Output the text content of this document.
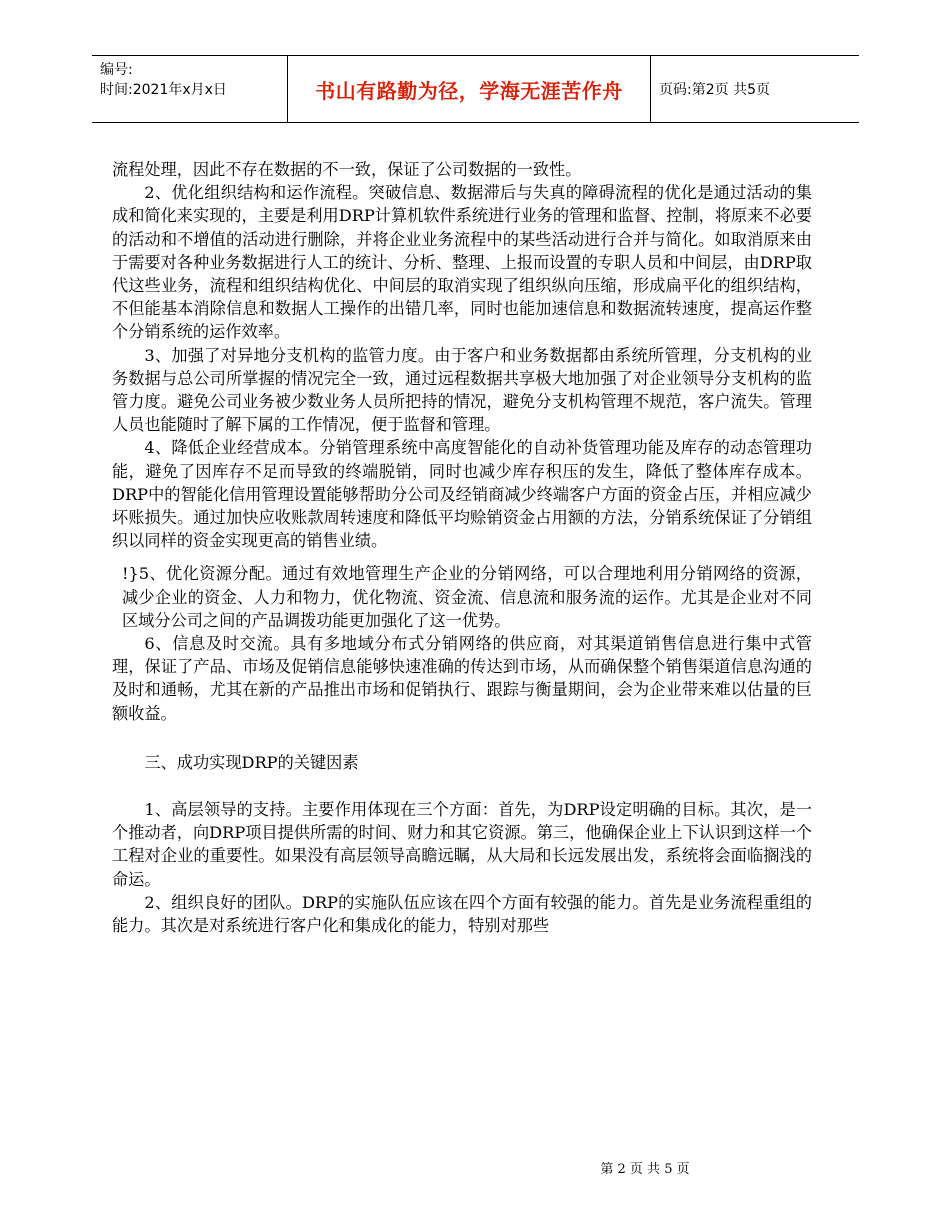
编号:
时间:2021年x月x日	书山有路勤为径，学海无涯苦作舟	页码:第2页 共5页

流程处理，因此不存在数据的不一致，保证了公司数据的一致性。

2、优化组织结构和运作流程。突破信息、数据滞后与失真的障碍流程的优化是通过活动的集成和简化来实现的，主要是利用DRP计算机软件系统进行业务的管理和监督、控制，将原来不必要的活动和不增值的活动进行删除，并将企业业务流程中的某些活动进行合并与简化。如取消原来由于需要对各种业务数据进行人工的统计、分析、整理、上报而设置的专职人员和中间层，由DRP取代这些业务，流程和组织结构优化、中间层的取消实现了组织纵向压缩，形成扁平化的组织结构，不但能基本消除信息和数据人工操作的出错几率，同时也能加速信息和数据流转速度，提高运作整个分销系统的运作效率。

3、加强了对异地分支机构的监管力度。由于客户和业务数据都由系统所管理，分支机构的业务数据与总公司所掌握的情况完全一致，通过远程数据共享极大地加强了对企业领导分支机构的监管力度。避免公司业务被少数业务人员所把持的情况，避免分支机构管理不规范，客户流失。管理人员也能随时了解下属的工作情况，便于监督和管理。

4、降低企业经营成本。分销管理系统中高度智能化的自动补货管理功能及库存的动态管理功能，避免了因库存不足而导致的终端脱销，同时也减少库存积压的发生，降低了整体库存成本。DRP中的智能化信用管理设置能够帮助分公司及经销商减少终端客户方面的资金占压，并相应减少坏账损失。通过加快应收账款周转速度和降低平均赊销资金占用额的方法，分销系统保证了分销组织以同样的资金实现更高的销售业绩。

!}5、优化资源分配。通过有效地管理生产企业的分销网络，可以合理地利用分销网络的资源，减少企业的资金、人力和物力，优化物流、资金流、信息流和服务流的运作。尤其是企业对不同区域分公司之间的产品调拨功能更加强化了这一优势。

6、信息及时交流。具有多地域分布式分销网络的供应商，对其渠道销售信息进行集中式管理，保证了产品、市场及促销信息能够快速准确的传达到市场，从而确保整个销售渠道信息沟通的及时和通畅，尤其在新的产品推出市场和促销执行、跟踪与衡量期间，会为企业带来难以估量的巨额收益。

三、成功实现DRP的关键因素

1、高层领导的支持。主要作用体现在三个方面：首先，为DRP设定明确的目标。其次，是一个推动者，向DRP项目提供所需的时间、财力和其它资源。第三，他确保企业上下认识到这样一个工程对企业的重要性。如果没有高层领导高瞻远瞩，从大局和长远发展出发，系统将会面临搁浅的命运。

2、组织良好的团队。DRP的实施队伍应该在四个方面有较强的能力。首先是业务流程重组的能力。其次是对系统进行客户化和集成化的能力，特别对那些

第 2 页 共 5 页
